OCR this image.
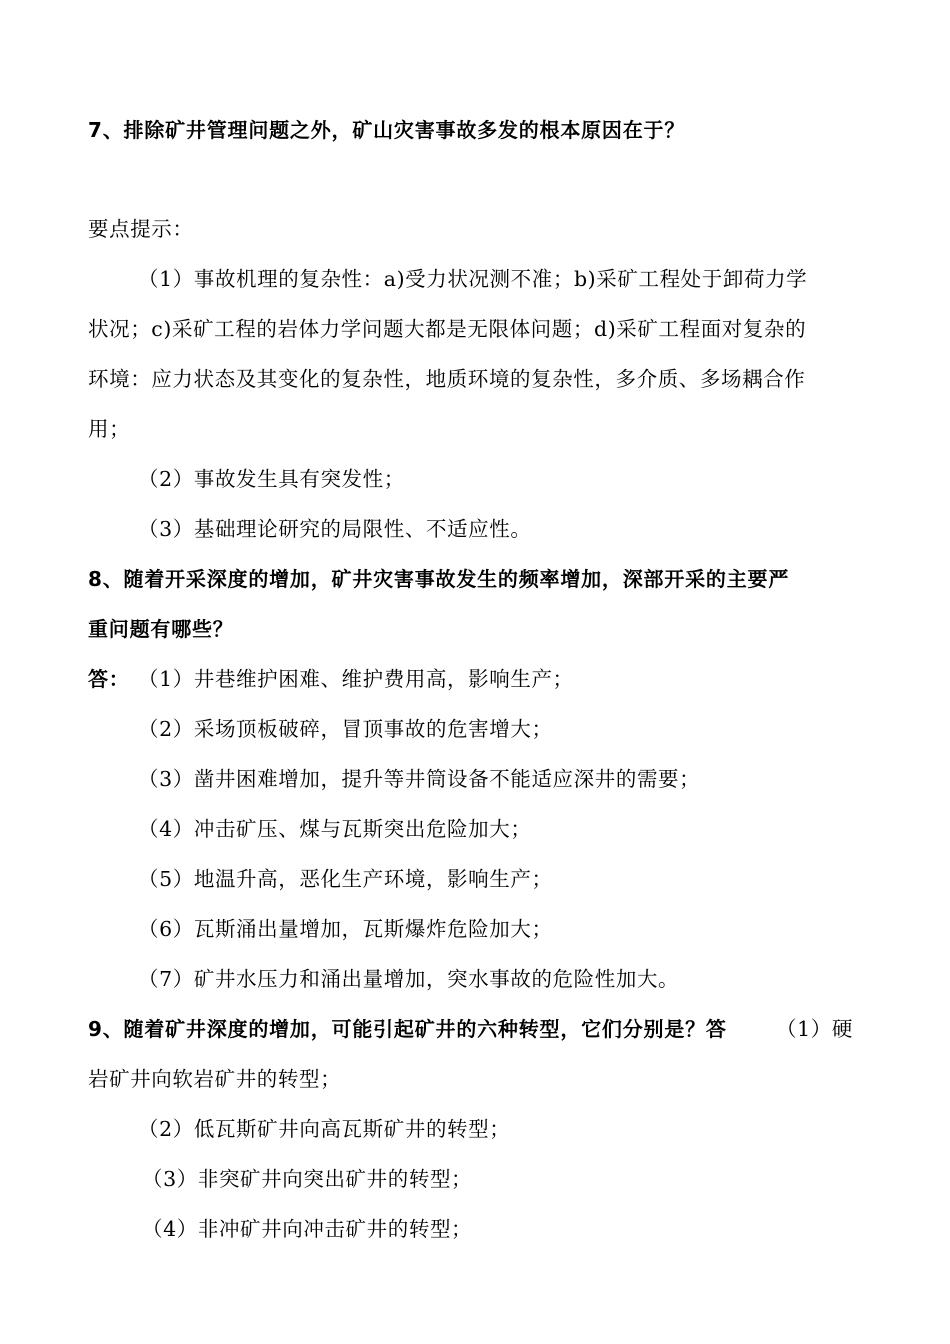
7、排除矿井管理问题之外，矿山灾害事故多发的根本原因在于？
要点提示：
（1）事故机理的复杂性：a)受力状况测不准；b)采矿工程处于卸荷力学
状况；c)采矿工程的岩体力学问题大都是无限体问题；d)采矿工程面对复杂的
环境：应力状态及其变化的复杂性，地质环境的复杂性，多介质、多场耦合作
用；
（2）事故发生具有突发性；
（3）基础理论研究的局限性、不适应性。
8、随着开采深度的增加，矿井灾害事故发生的频率增加，深部开采的主要严
重问题有哪些？
答： （1）井巷维护困难、维护费用高，影响生产；
（2）采场顶板破碎，冒顶事故的危害增大；
（3）凿井困难增加，提升等井筒设备不能适应深井的需要；
（4）冲击矿压、煤与瓦斯突出危险加大；
（5）地温升高，恶化生产环境，影响生产；
（6）瓦斯涌出量增加，瓦斯爆炸危险加大；
（7）矿井水压力和涌出量增加，突水事故的危险性加大。
9、随着矿井深度的增加，可能引起矿井的六种转型，它们分别是？答	（1）硬
岩矿井向软岩矿井的转型；
（2）低瓦斯矿井向高瓦斯矿井的转型；
（3）非突矿井向突出矿井的转型；
（4）非冲矿井向冲击矿井的转型；
